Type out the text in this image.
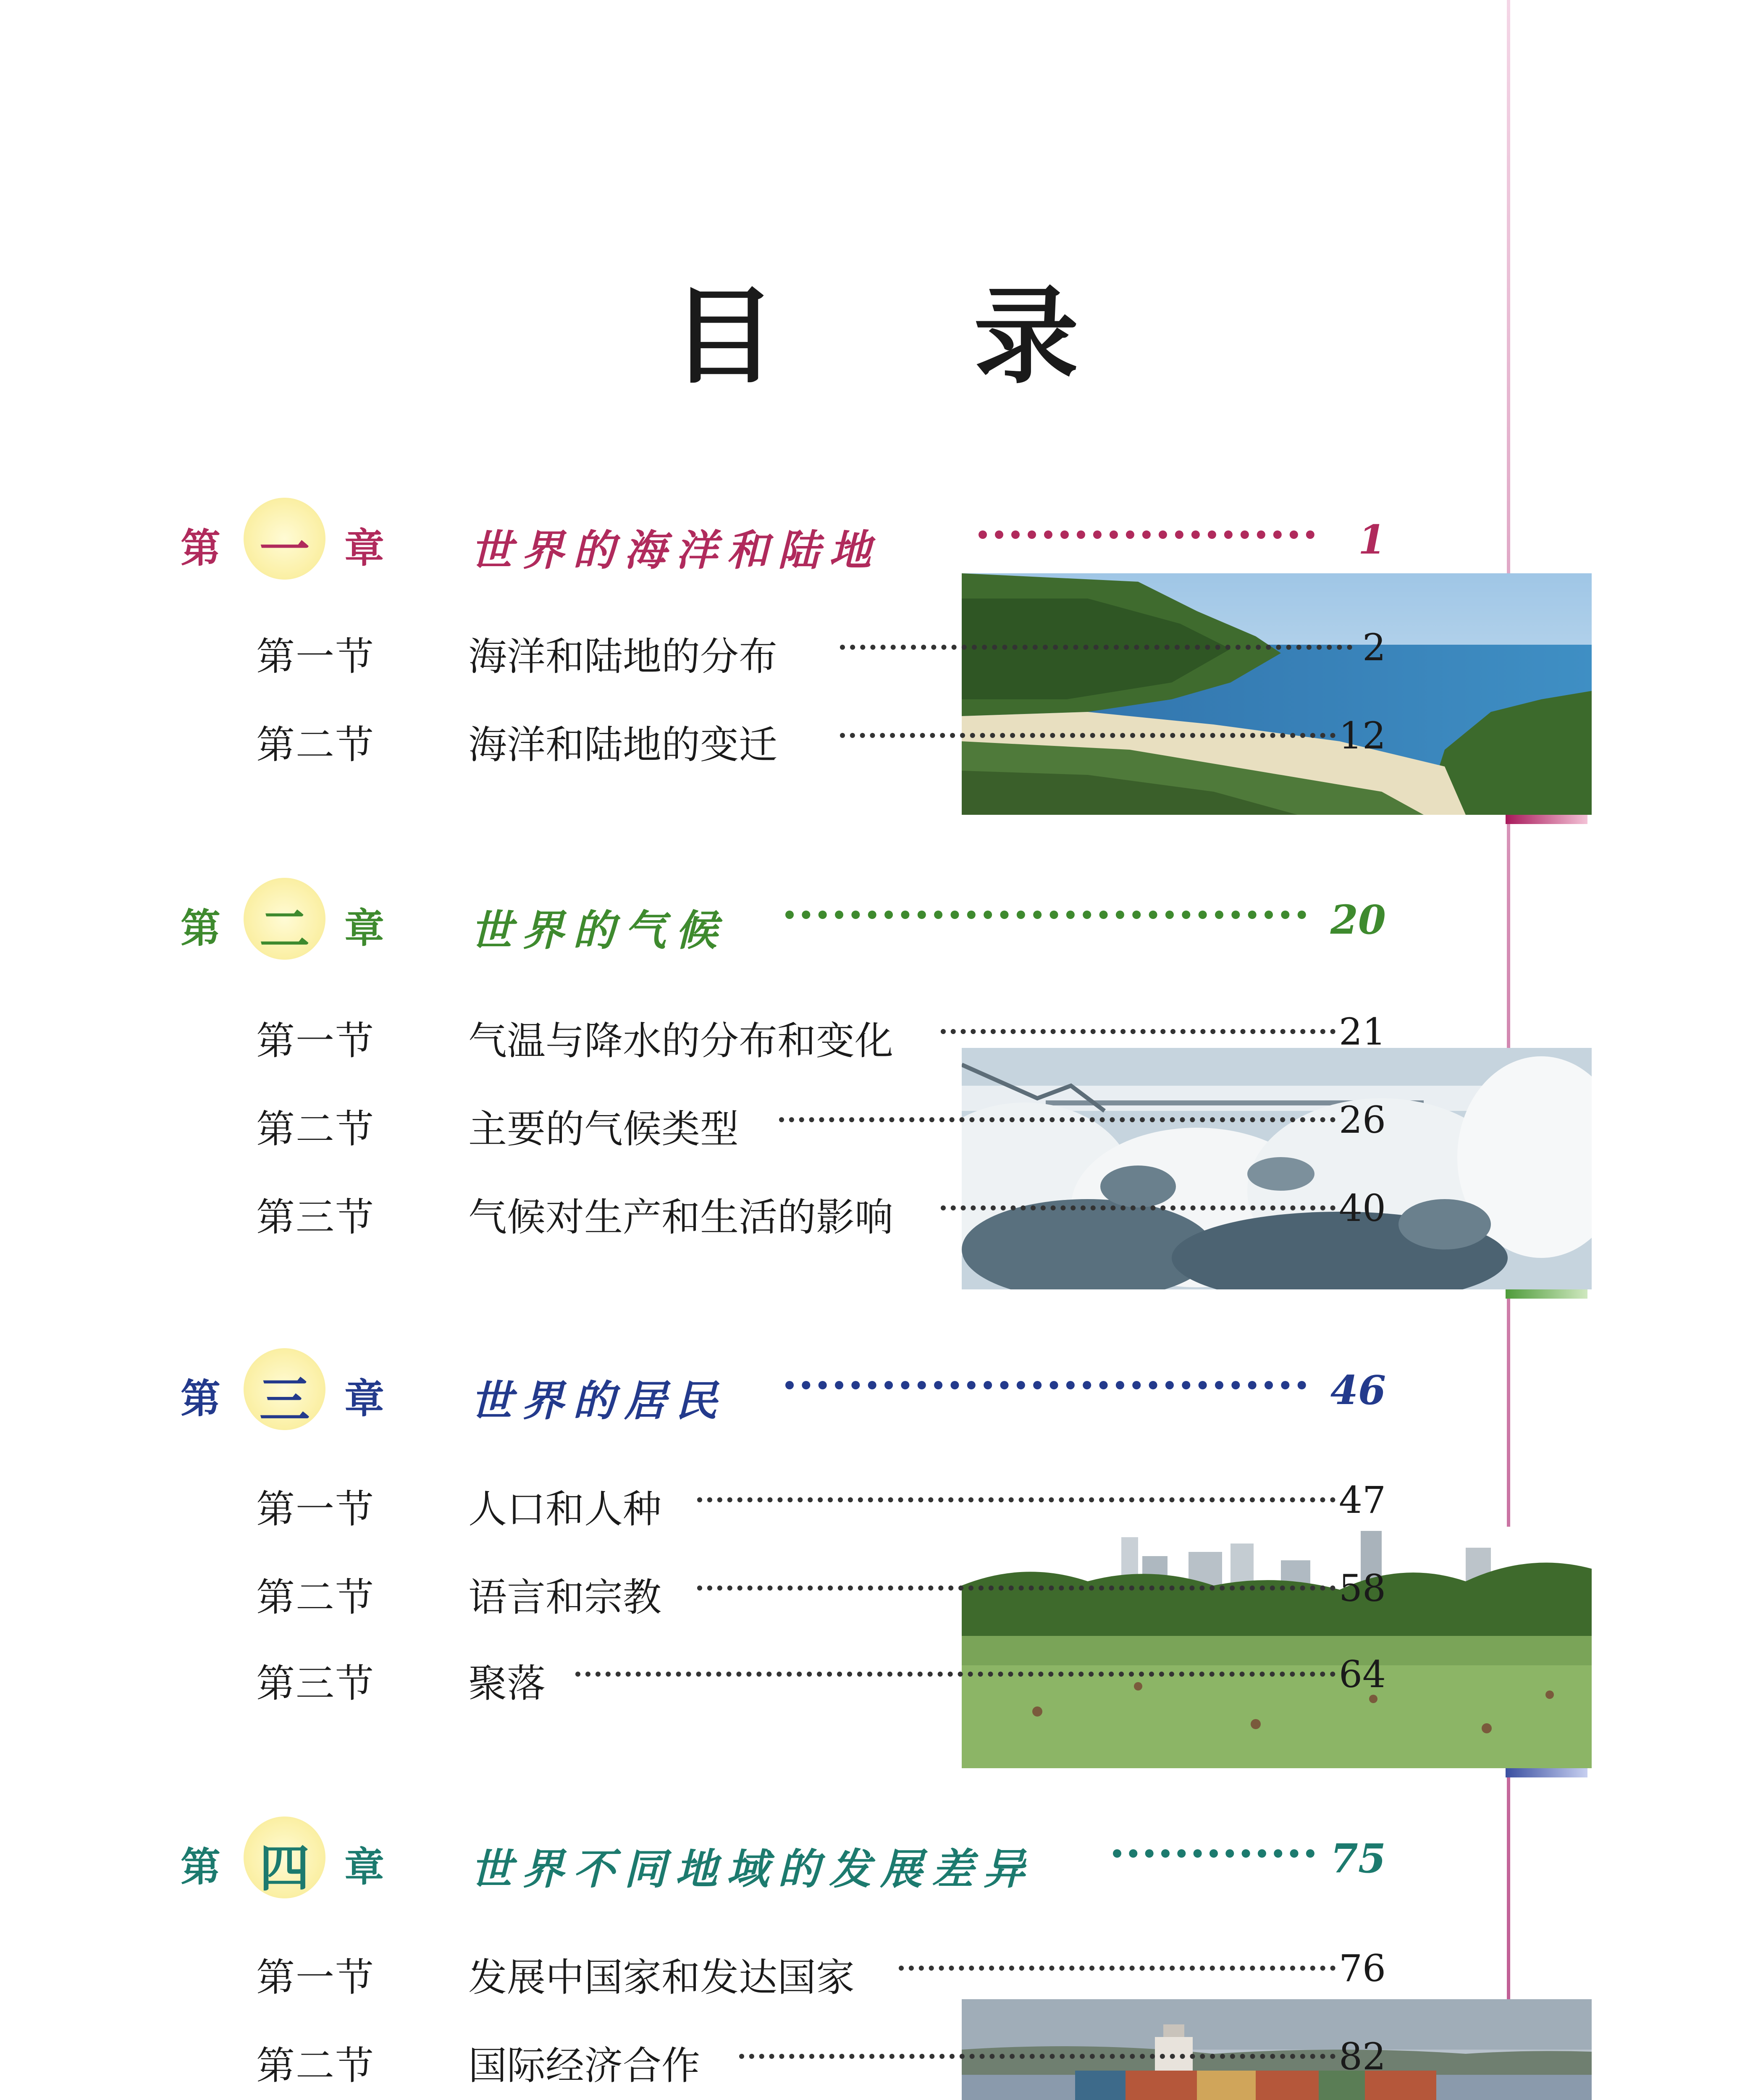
目 录
第 一 章 世界的海洋和陆地	1
第一节 海洋和陆地的分布	2
第二节 海洋和陆地的变迁	12
第 二 章 世界的气候	20
第一节 气温与降水的分布和变化	21
第二节 主要的气候类型	26
第三节 气候对生产和生活的影响	40
第 三 章 世界的居民	46
第一节 人口和人种	47
第二节 语言和宗教	58
第三节 聚落	64
第 四 章 世界不同地域的发展差异	75
第一节 发展中国家和发达国家	76
第二节 国际经济合作	82
